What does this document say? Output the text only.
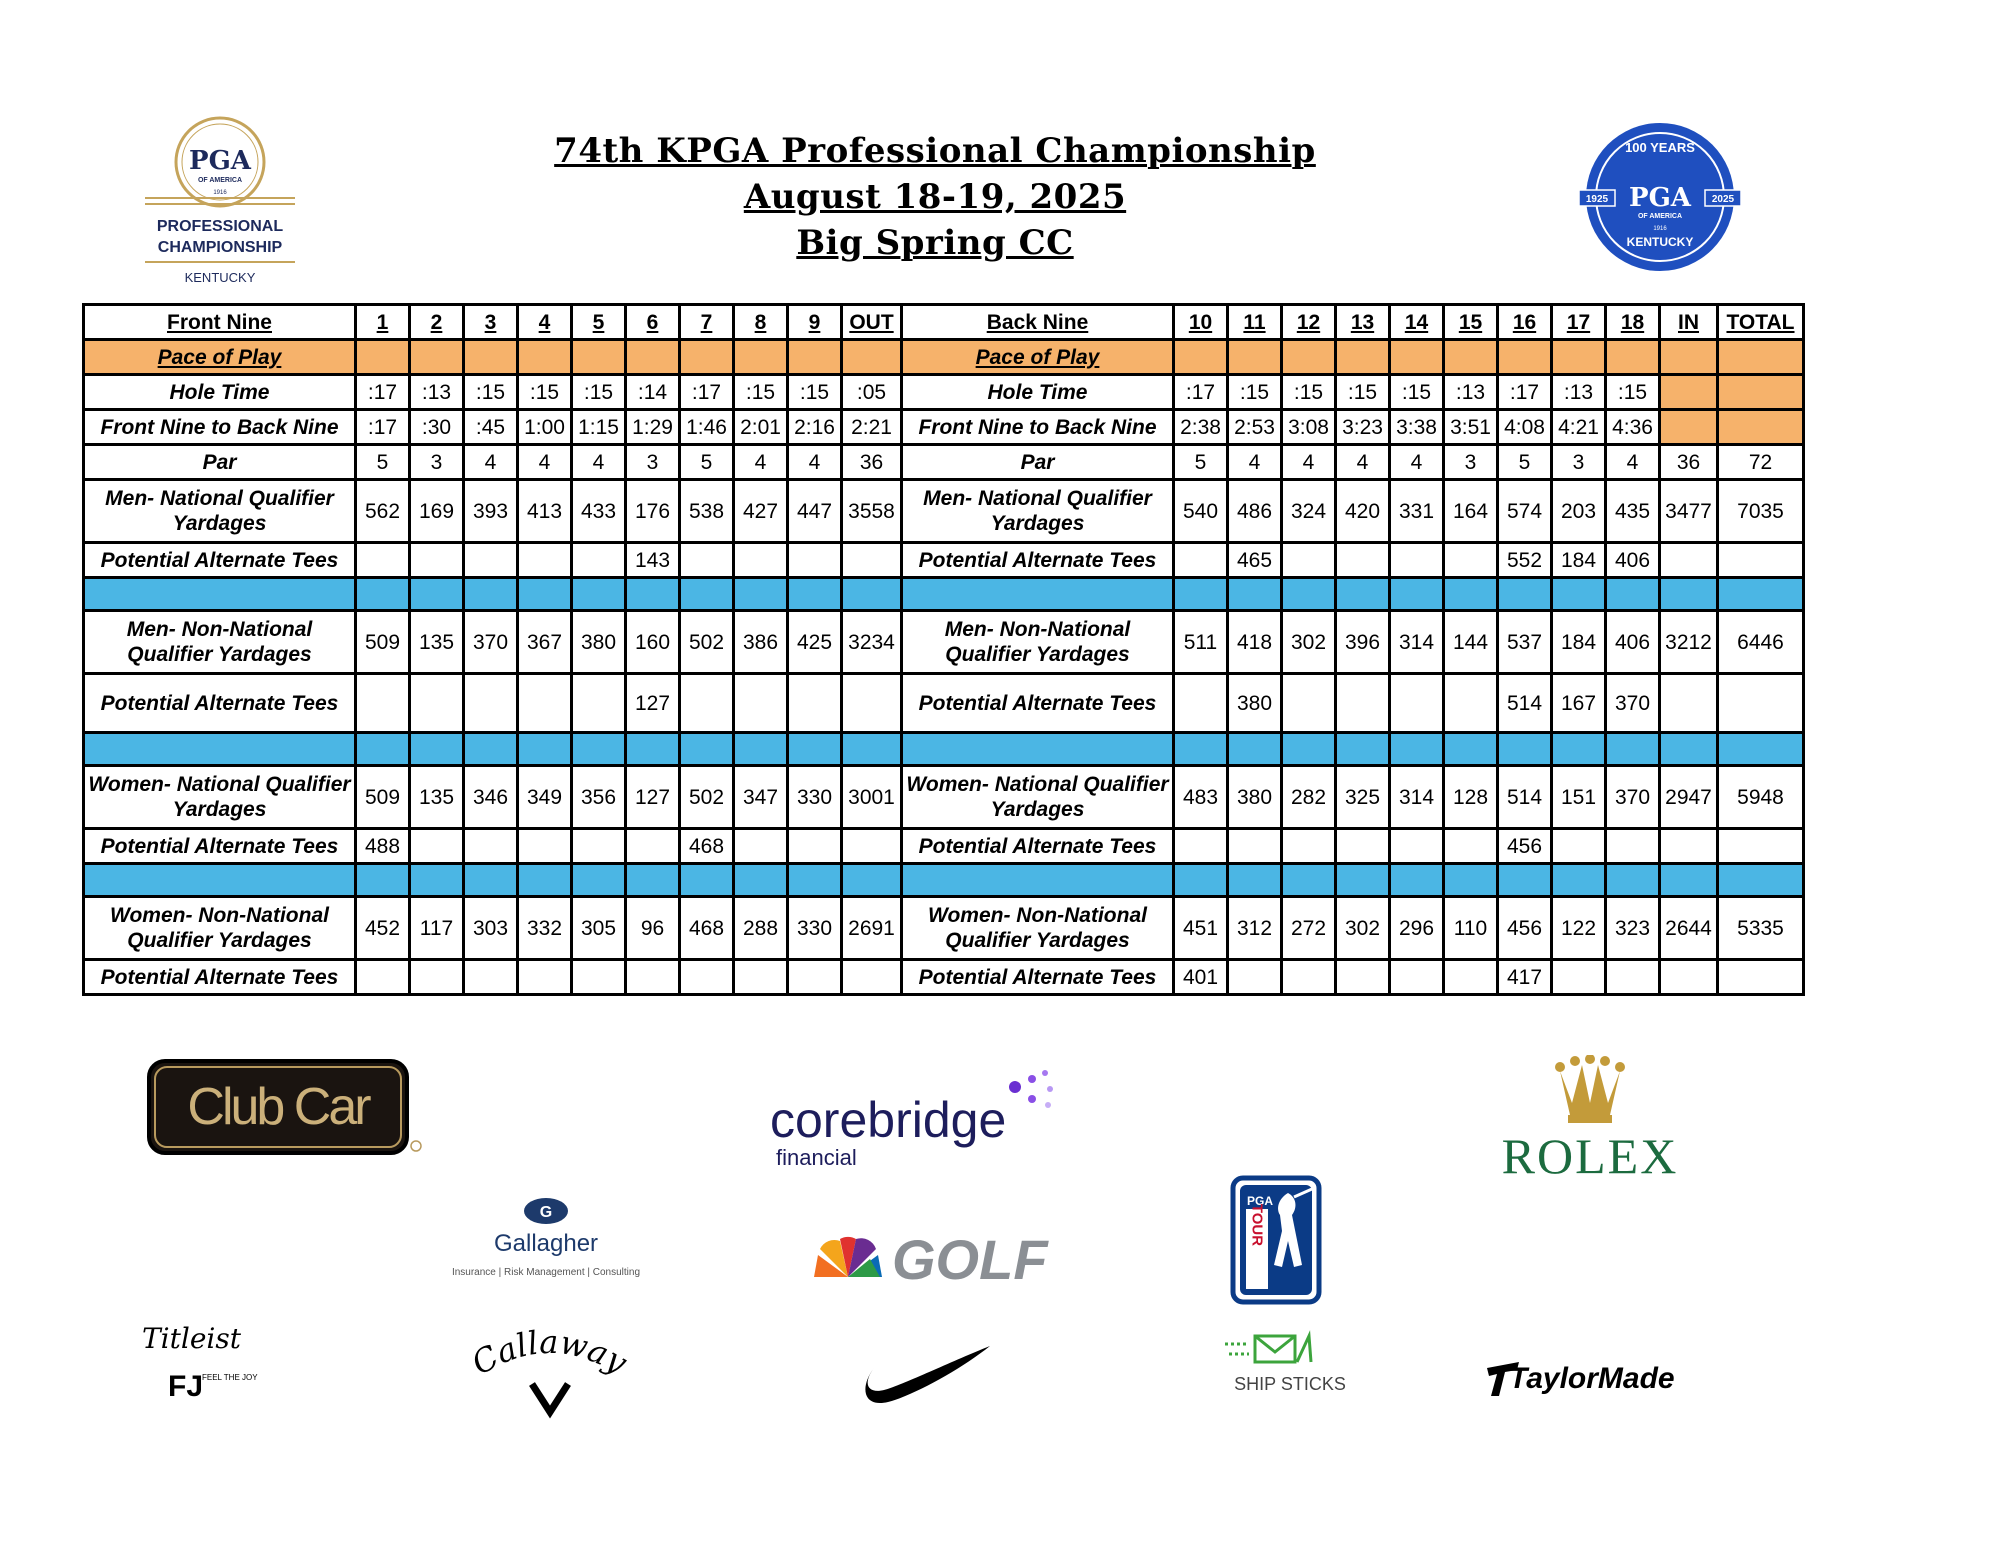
74th KPGA Professional Championship
August 18-19, 2025
Big Spring CC
PGA
OF AMERICA
1916
PROFESSIONAL
CHAMPIONSHIP
KENTUCKY
100 YEARS
1925	2025
PGA
OF AMERICA
1916
KENTUCKY
Front Nine	1	2	3	4	5	6	7	8	9	OUT	Back Nine	10	11	12	13	14	15	16	17	18	IN	TOTAL
Pace of Play											Pace of Play											
Hole Time	:17	:13	:15	:15	:15	:14	:17	:15	:15	:05	Hole Time	:17	:15	:15	:15	:15	:13	:17	:13	:15		
Front Nine to Back Nine	:17	:30	:45	1:00	1:15	1:29	1:46	2:01	2:16	2:21	Front Nine to Back Nine	2:38	2:53	3:08	3:23	3:38	3:51	4:08	4:21	4:36		
Par	5	3	4	4	4	3	5	4	4	36	Par	5	4	4	4	4	3	5	3	4	36	72
Men- National Qualifier Yardages	562	169	393	413	433	176	538	427	447	3558	Men- National Qualifier Yardages	540	486	324	420	331	164	574	203	435	3477	7035
Potential Alternate Tees						143					Potential Alternate Tees		465					552	184	406		

Men- Non-National Qualifier Yardages	509	135	370	367	380	160	502	386	425	3234	Men- Non-National Qualifier Yardages	511	418	302	396	314	144	537	184	406	3212	6446
Potential Alternate Tees						127					Potential Alternate Tees		380					514	167	370		

Women- National Qualifier Yardages	509	135	346	349	356	127	502	347	330	3001	Women- National Qualifier Yardages	483	380	282	325	314	128	514	151	370	2947	5948
Potential Alternate Tees	488						468				Potential Alternate Tees							456				

Women- Non-National Qualifier Yardages	452	117	303	332	305	96	468	288	330	2691	Women- Non-National Qualifier Yardages	451	312	272	302	296	110	456	122	323	2644	5335
Potential Alternate Tees											Potential Alternate Tees	401						417				
Club Car	corebridge
financial	ROLEX
G
Gallagher
Insurance | Risk Management | Consulting	GOLF
PGA
TOUR
Titleist
FJ
FEEL THE JOY
allaway
SHIP STICKS	TaylorMade
